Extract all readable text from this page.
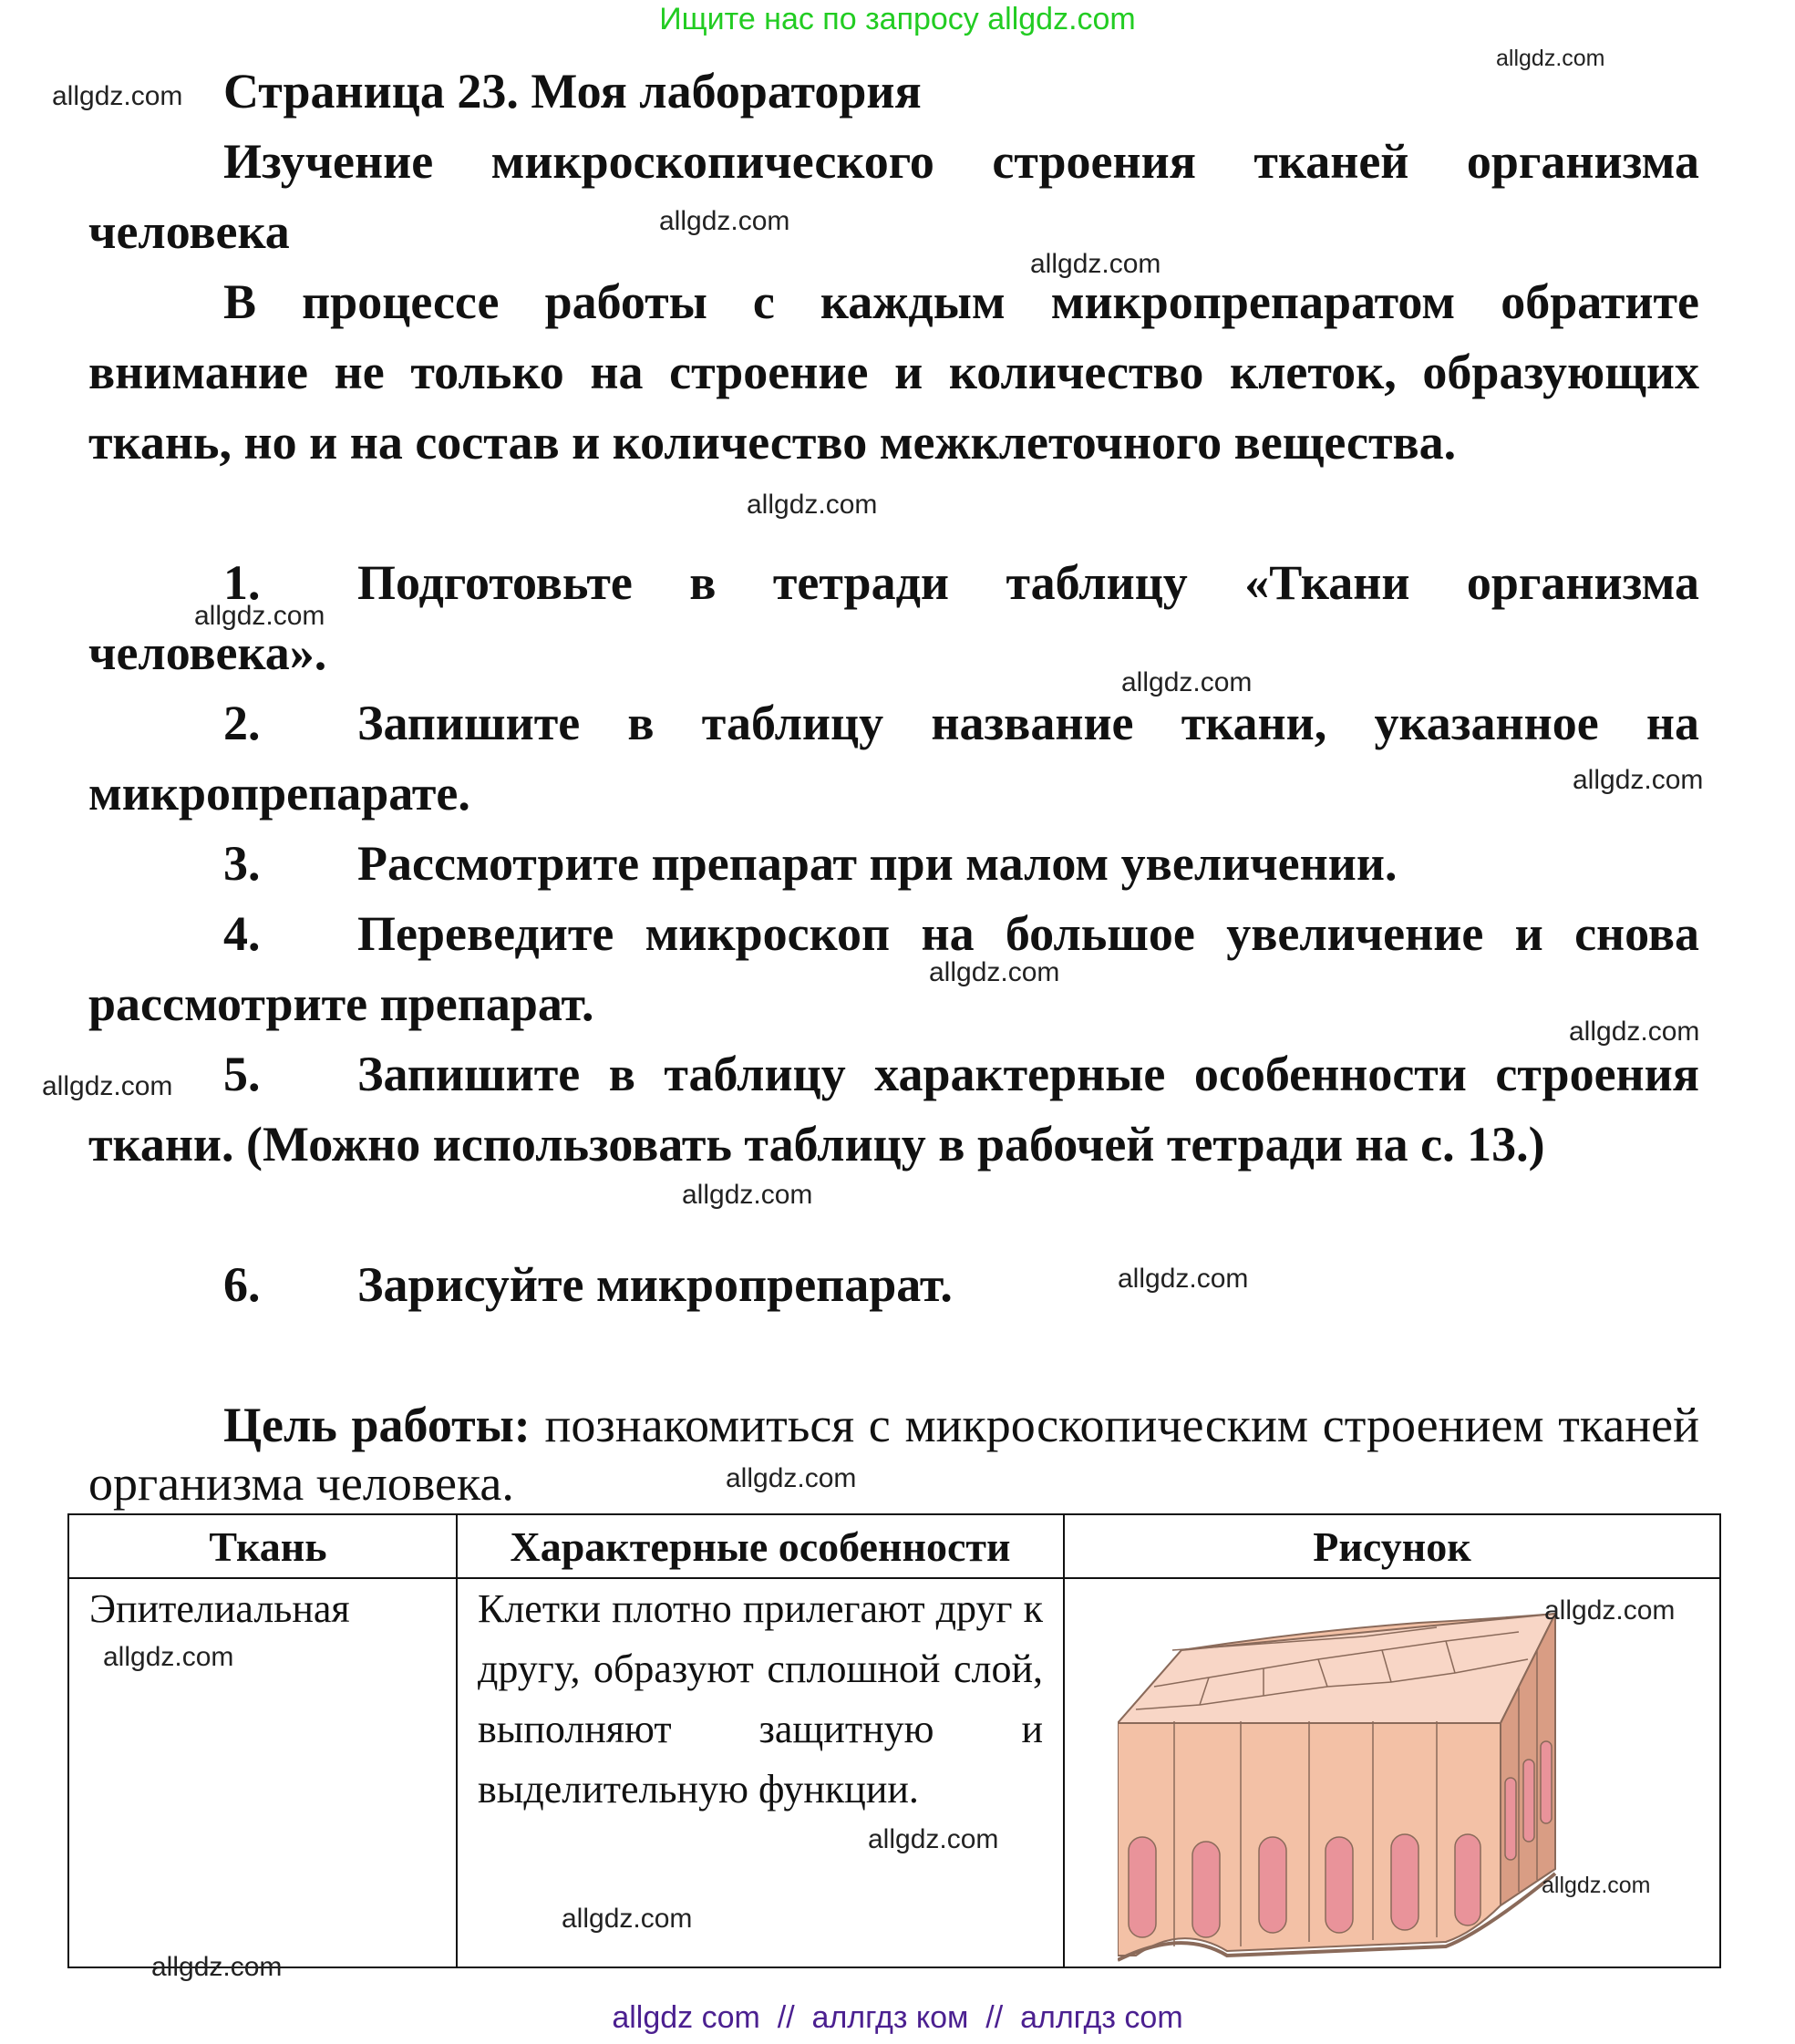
Ищите нас по запросу allgdz.com
Страница 23. Моя лаборатория
Изучение микроскопического строения тканей организма человека
В процессе работы с каждым микропрепаратом обратите внимание не только на строение и количество клеток, образующих ткань, но и на состав и количество межклеточного вещества.
1. Подготовьте в тетради таблицу «Ткани организма человека».
2. Запишите в таблицу название ткани, указанное на микропрепарате.
3. Рассмотрите препарат при малом увеличении.
4. Переведите микроскоп на большое увеличение и снова рассмотрите препарат.
5. Запишите в таблицу характерные особенности строения ткани. (Можно использовать таблицу в рабочей тетради на с. 13.)
6. Зарисуйте микропрепарат.
Цель работы: познакомиться с микроскопическим строением тканей организма человека.
Ткань	Характерные особенности	Рисунок
Эпителиальная	Клетки плотно прилегают друг к другу, образуют сплошной слой, выполняют защитную и выделительную функции.	
allgdz.com
allgdz.com
allgdz.com
allgdz.com
allgdz.com
allgdz.com
allgdz.com
allgdz.com
allgdz.com
allgdz.com
allgdz.com
allgdz.com
allgdz.com
allgdz.com
allgdz.com
allgdz.com
allgdz.com
allgdz.com
allgdz.com
allgdz.com
allgdz com  //  аллгдз ком  //  аллгдз com
